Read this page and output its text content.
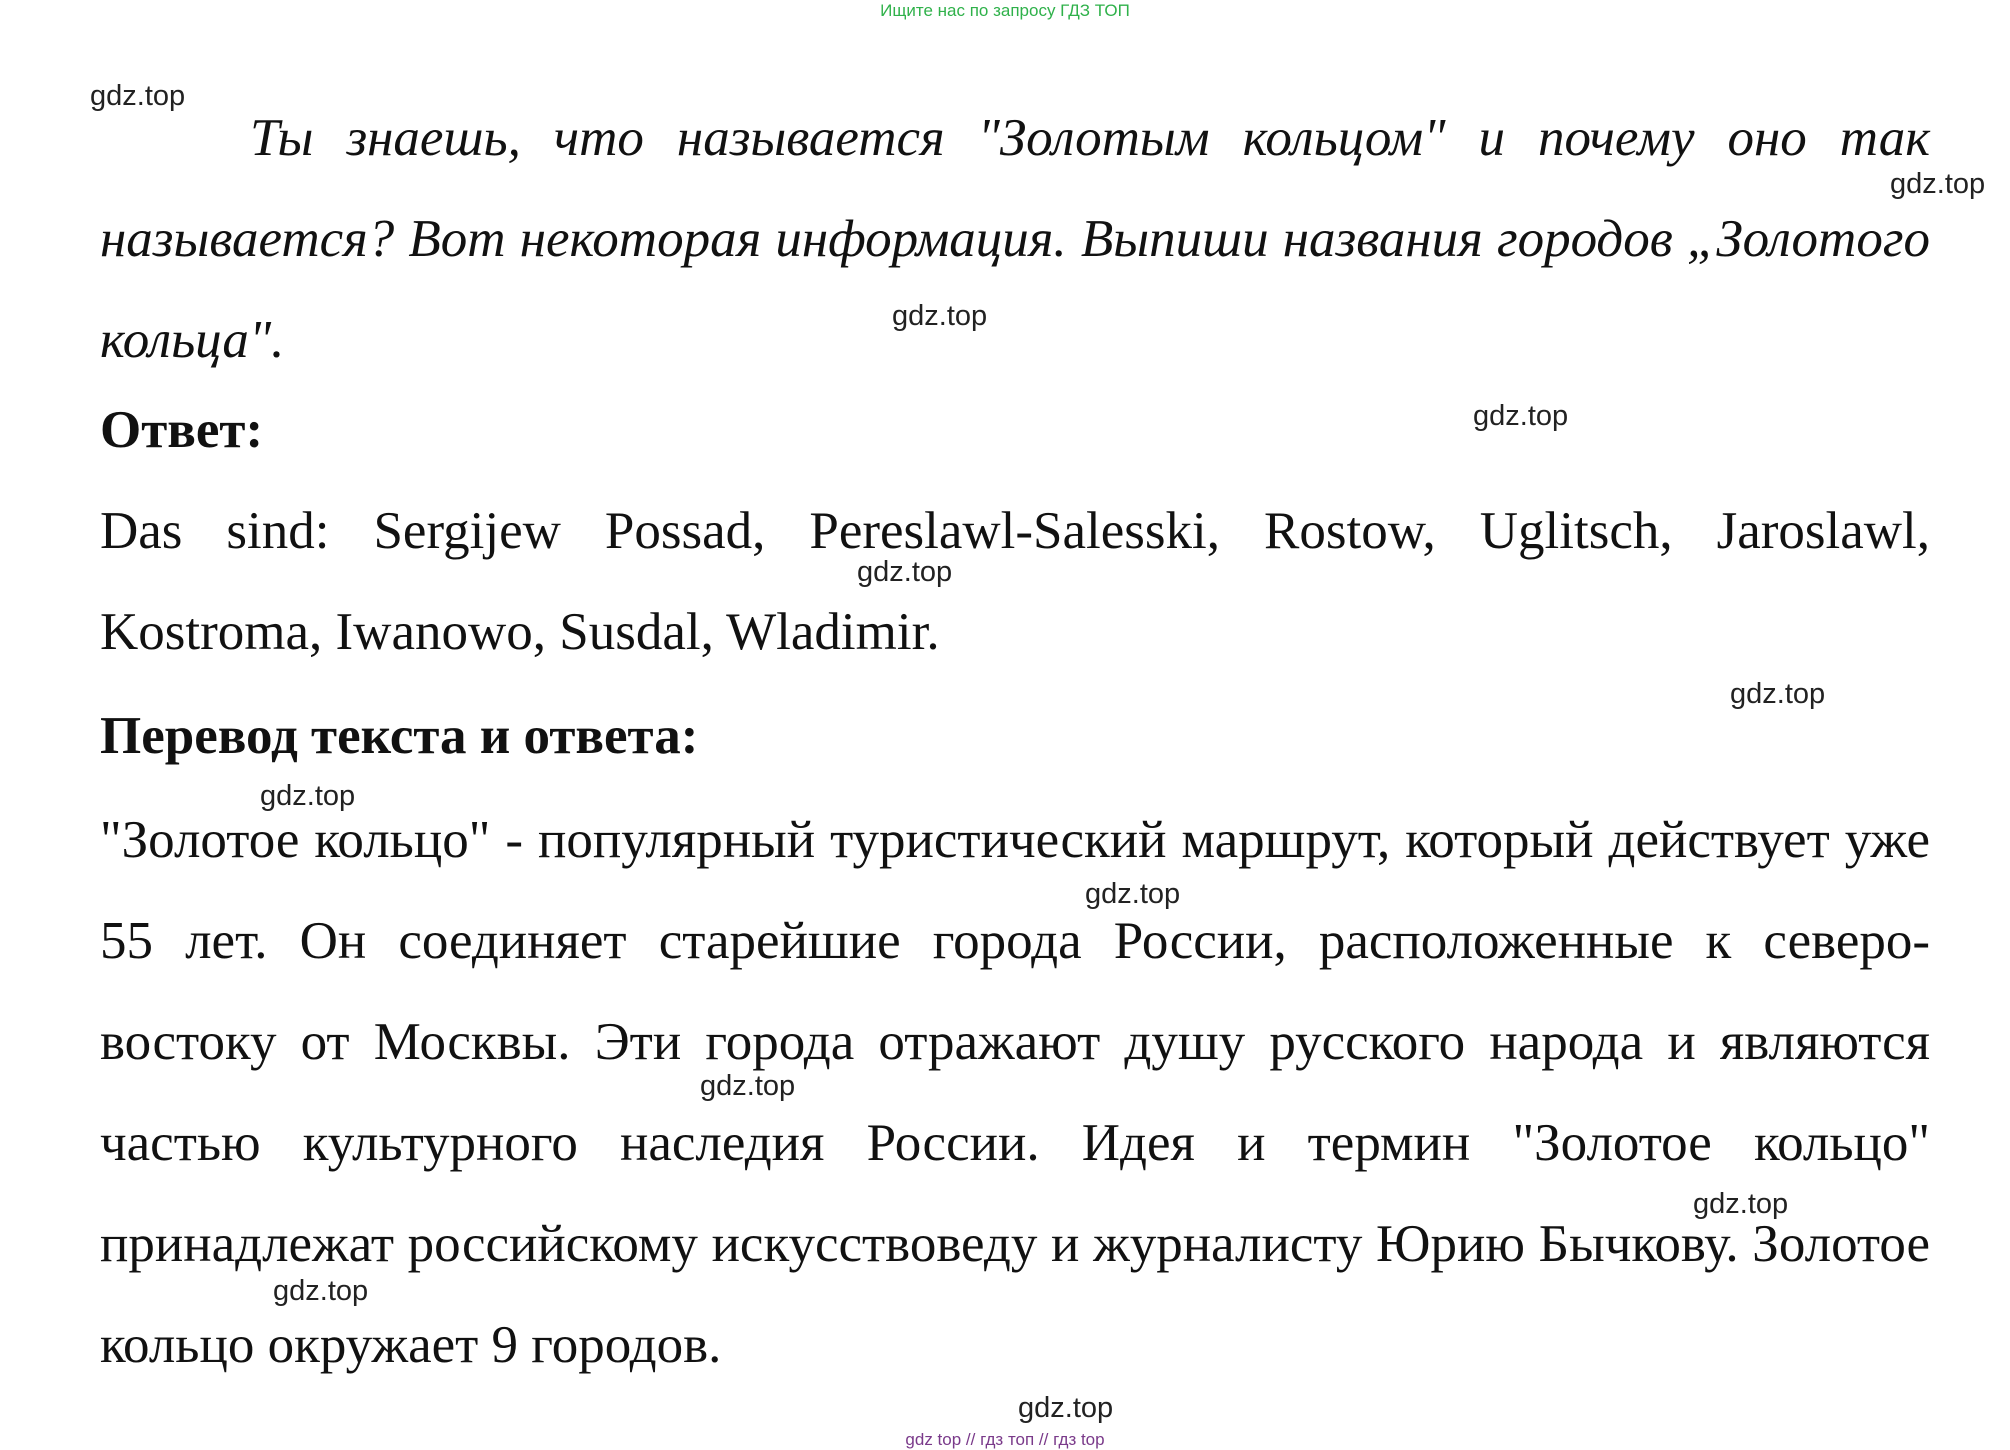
Ищите нас по запросу ГДЗ ТОП
Ты знаешь, что называется "Золотым кольцом" и почему оно так называется? Вот некоторая информация. Выпиши названия городов „Золотого кольца".
Ответ:
Das sind: Sergijew Possad, Pereslawl-Salesski, Rostow, Uglitsch, Jaroslawl, Kostroma, Iwanowo, Susdal, Wladimir.
Перевод текста и ответа:
"Золотое кольцо" - популярный туристический маршрут, который действует уже 55 лет. Он соединяет старейшие города России, расположенные к северо-востоку от Москвы. Эти города отражают душу русского народа и являются частью культурного наследия России. Идея и термин "Золотое кольцо" принадлежат российскому искусствоведу и журналисту Юрию Бычкову. Золотое кольцо окружает 9 городов.
gdz.top
gdz.top
gdz.top
gdz.top
gdz.top
gdz.top
gdz.top
gdz.top
gdz.top
gdz.top
gdz.top
gdz.top
gdz top // гдз топ // гдз top
